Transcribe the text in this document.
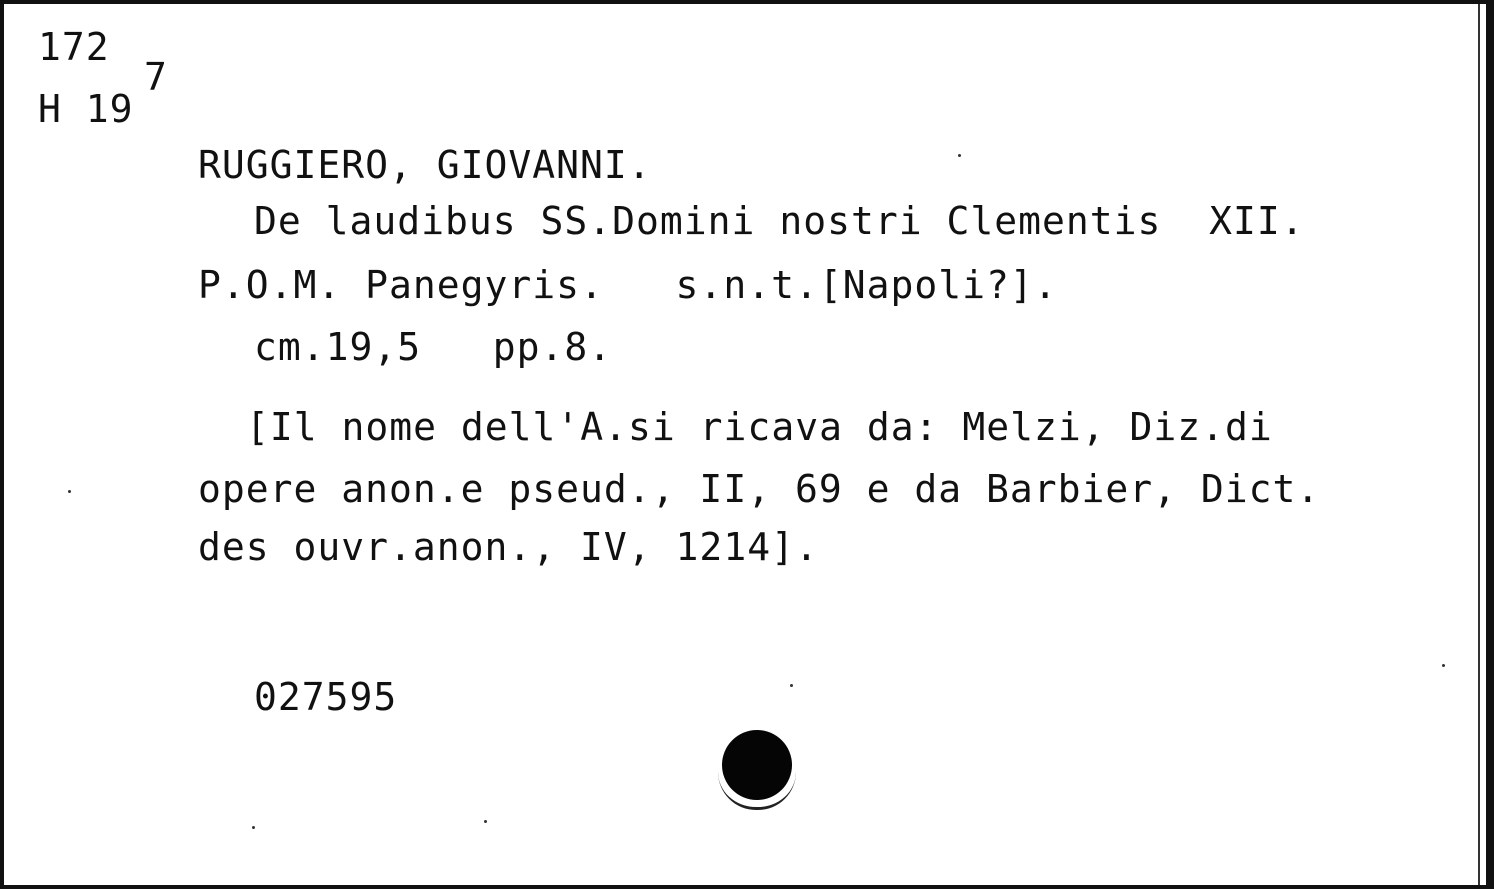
172

H 19

7

RUGGIERO, GIOVANNI.

De laudibus SS.Domini nostri Clementis  XII.

P.O.M. Panegyris.   s.n.t.[Napoli?].

cm.19,5   pp.8.

[Il nome dell'A.si ricava da: Melzi, Diz.di

opere anon.e pseud., II, 69 e da Barbier, Dict.

des ouvr.anon., IV, 1214].

027595
